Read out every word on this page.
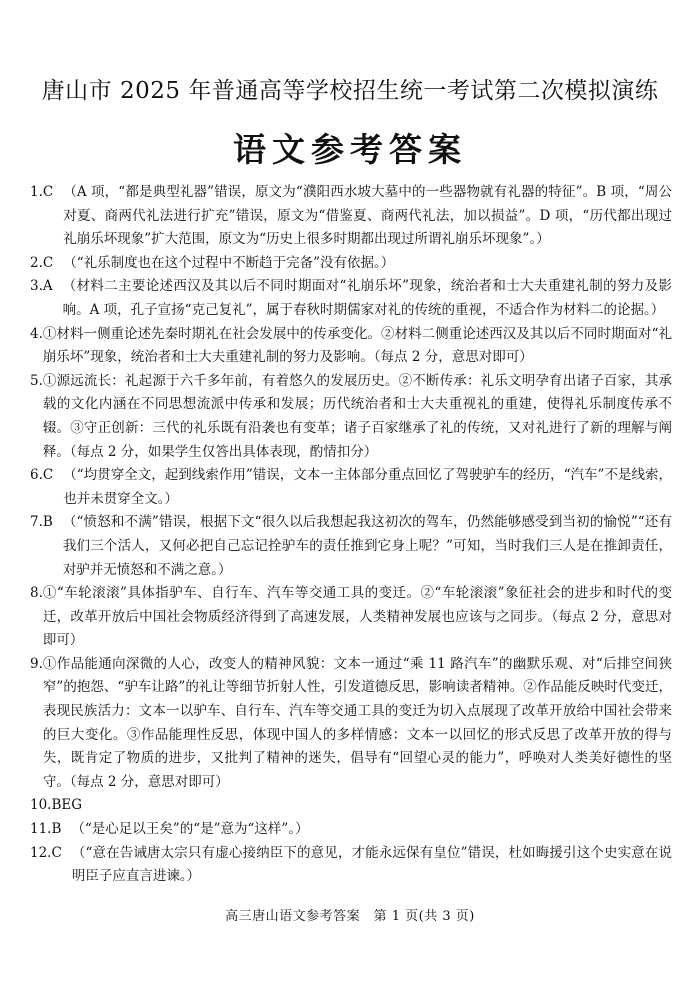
唐山市 2025 年普通高等学校招生统一考试第二次模拟演练
语文参考答案
1.C （A 项，“都是典型礼器”错误，原文为“濮阳西水坡大墓中的一些器物就有礼器的特征”。B 项，“周公对夏、商两代礼法进行扩充”错误，原文为“借鉴夏、商两代礼法，加以损益”。D 项，“历代都出现过礼崩乐坏现象”扩大范围，原文为“历史上很多时期都出现过所谓礼崩乐坏现象”。）
2.C （“礼乐制度也在这个过程中不断趋于完备”没有依据。）
3.A （材料二主要论述西汉及其以后不同时期面对“礼崩乐坏”现象，统治者和士大夫重建礼制的努力及影响。A 项，孔子宣扬“克己复礼”，属于春秋时期儒家对礼的传统的重视，不适合作为材料二的论据。）
4. ①材料一侧重论述先秦时期礼在社会发展中的传承变化。②材料二侧重论述西汉及其以后不同时期面对“礼崩乐坏”现象，统治者和士大夫重建礼制的努力及影响。（每点 2 分，意思对即可）
5. ①源远流长：礼起源于六千多年前，有着悠久的发展历史。②不断传承：礼乐文明孕育出诸子百家，其承载的文化内涵在不同思想流派中传承和发展；历代统治者和士大夫重视礼的重建，使得礼乐制度传承不辍。③守正创新：三代的礼乐既有沿袭也有变革；诸子百家继承了礼的传统，又对礼进行了新的理解与阐释。（每点 2 分，如果学生仅答出具体表现，酌情扣分）
6.C （“均贯穿全文，起到线索作用”错误，文本一主体部分重点回忆了驾驶驴车的经历，“汽车”不是线索，也并未贯穿全文。）
7.B （“愤怒和不满”错误，根据下文“很久以后我想起我这初次的驾车，仍然能够感受到当初的愉悦”“还有我们三个活人，又何必把自己忘记拴驴车的责任推到它身上呢？”可知，当时我们三人是在推卸责任，对驴并无愤怒和不满之意。）
8. ①“车轮滚滚”具体指驴车、自行车、汽车等交通工具的变迁。②“车轮滚滚”象征社会的进步和时代的变迁，改革开放后中国社会物质经济得到了高速发展，人类精神发展也应该与之同步。（每点 2 分，意思对即可）
9. ①作品能通向深微的人心，改变人的精神风貌：文本一通过“乘 11 路汽车”的幽默乐观、对“后排空间狭窄”的抱怨、“驴车让路”的礼让等细节折射人性，引发道德反思，影响读者精神。②作品能反映时代变迁，表现民族活力：文本一以驴车、自行车、汽车等交通工具的变迁为切入点展现了改革开放给中国社会带来的巨大变化。③作品能理性反思，体现中国人的多样情感：文本一以回忆的形式反思了改革开放的得与失，既肯定了物质的进步，又批判了精神的迷失，倡导有“回望心灵的能力”，呼唤对人类美好德性的坚守。（每点 2 分，意思对即可）
10.BEG
11.B （“是心足以王矣”的“是”意为“这样”。）
12.C （“意在告诫唐太宗只有虚心接纳臣下的意见，才能永远保有皇位”错误，杜如晦援引这个史实意在说明臣子应直言进谏。）
高三唐山语文参考答案　第 1 页(共 3 页)
